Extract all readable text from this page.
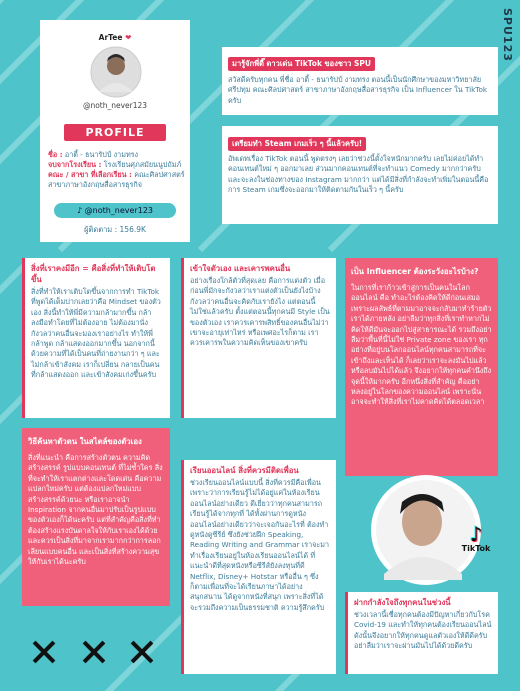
SPU123
ArTee ❤
@noth_never123
PROFILE
ชื่อ : อาตี้ - ธนารัปป์ งามทรง
จบจากโรงเรียน : โรงเรียนศุภสมัยนนูปถัมภ์
คณะ / สาขา ที่เลือกเรียน : คณะศิลปศาสตร์ สาขาภาษาอังกฤษสื่อสารธุรกิจ
♪ @noth_never123
ผู้ติดตาม : 156.9K
มารู้จักพี่ดี๊ ดาวเด่น TikTok ของชาว SPU
สวัสดีครับทุกคน พี่ชื่อ อาตี้ - ธนารัปป์ งามทรง ตอนนี้เป็นนักศึกษาของมหาวิทยาลัยศรีปทุม คณะศิลปศาสตร์ สาขาภาษาอังกฤษสื่อสารธุรกิจ เป็น Influencer ใน TikTok ครับ
เตรียมทำ Steam เกมเร็ว ๆ นี้แล้วครับ!
อัพเดทเรื่อง TikTok ตอนนี้ พูดตรงๆ เลยว่าช่วงนี้ตั้งใจหนักมากครับ เลยไม่ค่อยได้ทำคอนเทนต์ใหม่ ๆ ออกมาเลย ส่วนมากคอนเทนต์ที่จะทำแนว Comedy มากกว่าครับ และจะลงในช่องทางของ Instagram มากกว่า แต่ได้มีสิ่งที่กำลังจะทำเพิ่มในตอนนี้คือการ Steam เกมซึ่งจะออกมาให้ติดตามกันในเร็ว ๆ นี้ครับ
สิ่งที่เราคงมีอีก = คือสิ่งที่ทำให้เติบโตขึ้น
สิ่งที่ทำให้เราเติบโตขึ้นจากการทำ TikTok ที่พูดได้เต็มปากเลยว่าคือ Mindset ของตัวเอง สิ่งนี้ทำให้พี่มีความกล้ามากขึ้น กล้าลงมือทำโดยที่ไม่ต้องอาย ไม่ต้องมานั่งกังวลว่าคนอื่นจะมองเราอย่างไร ทำให้พี่กล้าพูด กล้าแสดงออกมากขึ้น นอกจากนี้ด้วยความที่ได้เป็นคนที่ถ่ายงานกว่า ๆ และไม่กล้าเข้าสังคม เราก็เปลี่ยน กลายเป็นคนที่กล้าแสดงออก และเข้าสังคมเก่งขึ้นครับ
เข้าใจตัวเอง และเคารพคนอื่น
อย่างเรื่องใกล้ตัวที่สุดเลย คือการแต่งตัว เมื่อก่อนพี่มักจะกังวลว่าเราแต่งตัวเป็นยังไงบ้าง กังวลว่าคนอื่นจะคิดกับเรายังไง แต่ตอนนี้ไม่ใช่แล้วครับ ตั้งแต่ตอนนี้ทุกคนมี Style เป็นของตัวเอง เราควรเคารพสิทธิ์ของคนอื่นไม่ว่าเขาจะอายุเท่าไหร่ หรือเพศอะไรก็ตาม เราควรเคารพในความคิดเห็นของเขาครับ
เป็น Influencer ต้องระวังอะไรบ้าง?
ในการที่เราก้าวเข้าสู่การเป็นคนในโลกออนไลน์ คือ ทำอะไรต้องคิดให้ดีก่อนเสมอ เพราะผลลัพธ์ที่ตามมาอาจจะกลับมาทำร้ายตัวเราได้ภายหลัง อย่าลืมว่าทุกสิ่งที่เราทำหากไม่คิดให้ดีมันจะออกไปสู่สาธารณะได้ รวมถึงอย่าลืมว่าพื้นที่นี้ไม่ใช่ Private zone ของเรา ทุกอย่างที่อยู่บนโลกออนไลน์ทุกคนสามารถที่จะเข้าถึงและเห็นได้ ก็เลยว่าเราจะลงมันไปแล้ว หรือลบมันไปได้แล้ว จึงอยากให้ทุกคนคำนึงถึงจุดนี้ให้มากครับ อีกหนึ่งสิ่งที่สำคัญ คืออย่าหลงอยู่ในโลกของความออนไลน์ เพราะนั่นอาจจะทำให้สิ่งที่เราไม่คาดคิดได้ตลอดเวลา
วิธีค้นหาตัวตน ในสไตล์ของตัวเอง
สิ่งที่แนะนำ คือการสร้างตัวตน ความคิด สร้างสรรค์ รูปแบบคอนเทนต์ ที่ไม่ซ้ำใคร สิ่งที่จะทำให้เราแตกต่างและโดดเด่น คือความแปลกใหม่ครับ แต่ต้องแปลกใหม่แบบสร้างสรรค์ด้วยนะ หรือเราอาจนำ Inspiration จากคนอื่นมาปรับเป็นรูปแบบของตัวเองก็ได้นะครับ แต่ที่สำคัญคือสิ่งที่ทำต้องสร้างแรงบันดาลใจให้กับเราเองได้ด้วย และควรเป็นสิ่งที่มาจากเรามากกว่าการลอกเลียนแบบคนอื่น และเป็นสิ่งที่สร้างความสุขให้กับเราได้นะครับ
เรียนออนไลน์ สิ่งที่ควรมีติดเพื่อน
ช่วงเรียนออนไลน์แบบนี้ สิ่งที่ควรมีคือเพื่อน เพราะว่าการเรียนรู้ไม่ได้อยู่แค่ในห้องเรียน ออนไลน์อย่างเดียว ดีเยี่ยวว่าทุกคนสามารถเรียนรู้ได้จากทุกที่ ได้ทั้งผ่านการดูหนัง ออนไลน์อย่างเดียวว่าจะเจอกันอะไรที่ ต้องทำ ดูหนังดูซีรีย์ ซึ่งยังช่วยฝึก Speaking, Reading Writing and Grammar เราจะมาทำเรื่องเรียนอยู่ในห้องเรียนออนไลน์ได้ ที่แนะนำดีที่สุดหนังหรือซีรีส์ยังลงทุนที่ดี Netflix, Disney+ Hotstar หรืออื่น ๆ ซึ่งก็ตามเพื่อนที่จะได้เรียนภาษาได้อย่างสนุกสนาน ได้ดูจากหนังที่สนุก เพราะสิ่งที่ได้จะรวมถึงความเป็นธรรมชาติ ความรู้สึกครับ
♪
TikTok
ฝากกำลังใจถึงทุกคนในช่วงนี้
ช่วงเวลานี้เชื่อทุกคนต้องมีปัญหาเกี่ยวกับโรค Covid-19 และทำให้ทุกคนต้องเรียนออนไลน์ ดังนั้นจึงอยากให้ทุกคนดูแลตัวเองให้ดีดีครับ อย่าลืมว่าเราจะผ่านมันไปได้ด้วยดีครับ
